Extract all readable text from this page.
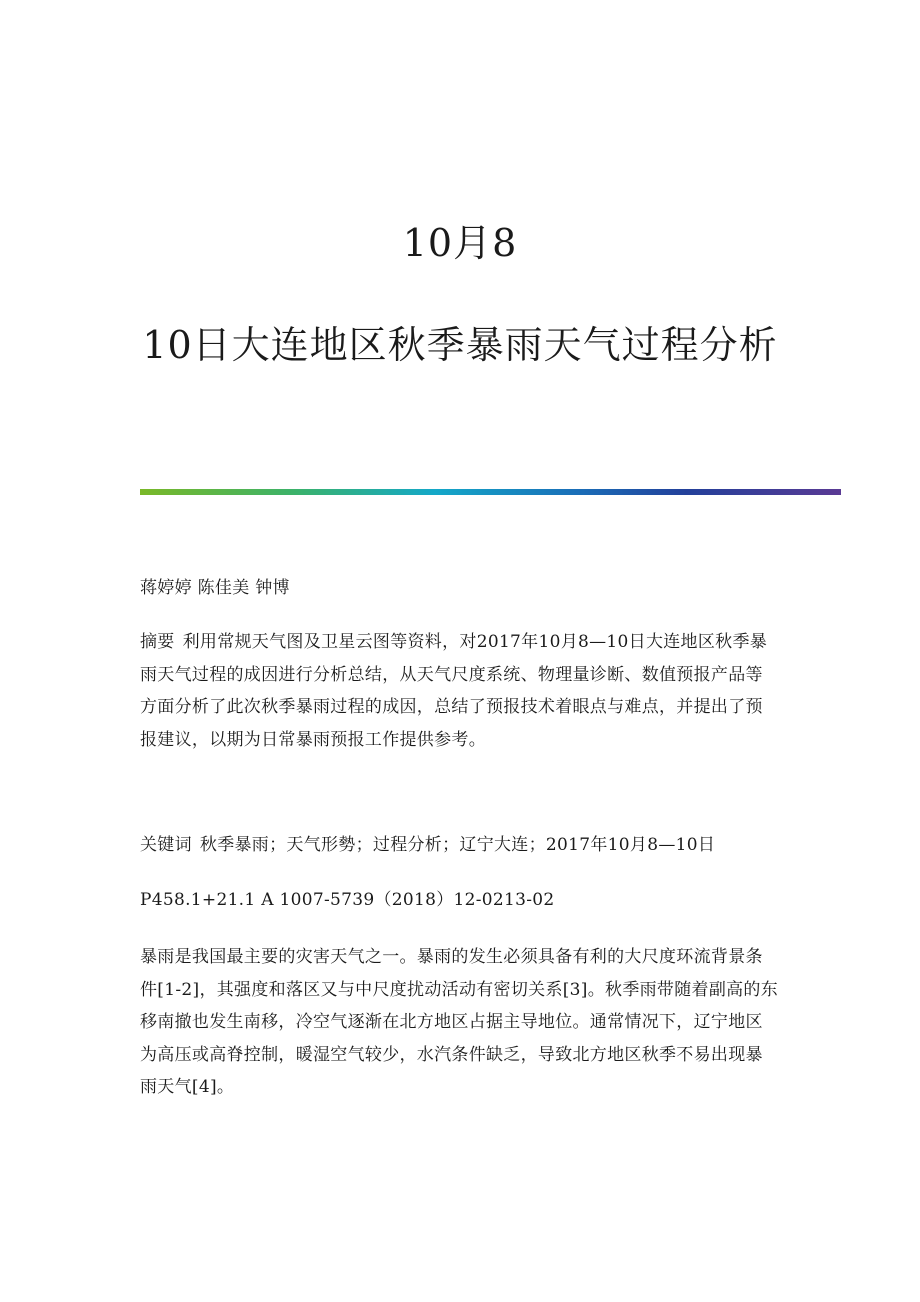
10月8
10日大连地区秋季暴雨天气过程分析
蒋婷婷 陈佳美 钟博
摘要 利用常规天气图及卫星云图等资料，对2017年10月8—10日大连地区秋季暴雨天气过程的成因进行分析总结，从天气尺度系统、物理量诊断、数值预报产品等方面分析了此次秋季暴雨过程的成因，总结了预报技术着眼点与难点，并提出了预报建议，以期为日常暴雨预报工作提供参考。
关键词 秋季暴雨；天气形勢；过程分析；辽宁大连；2017年10月8—10日
P458.1+21.1 A 1007-5739（2018）12-0213-02
暴雨是我国最主要的灾害天气之一。暴雨的发生必须具备有利的大尺度环流背景条件[1-2]，其强度和落区又与中尺度扰动活动有密切关系[3]。秋季雨带随着副高的东移南撤也发生南移，冷空气逐渐在北方地区占据主导地位。通常情况下，辽宁地区为高压或高脊控制，暖湿空气较少，水汽条件缺乏，导致北方地区秋季不易出现暴雨天气[4]。
